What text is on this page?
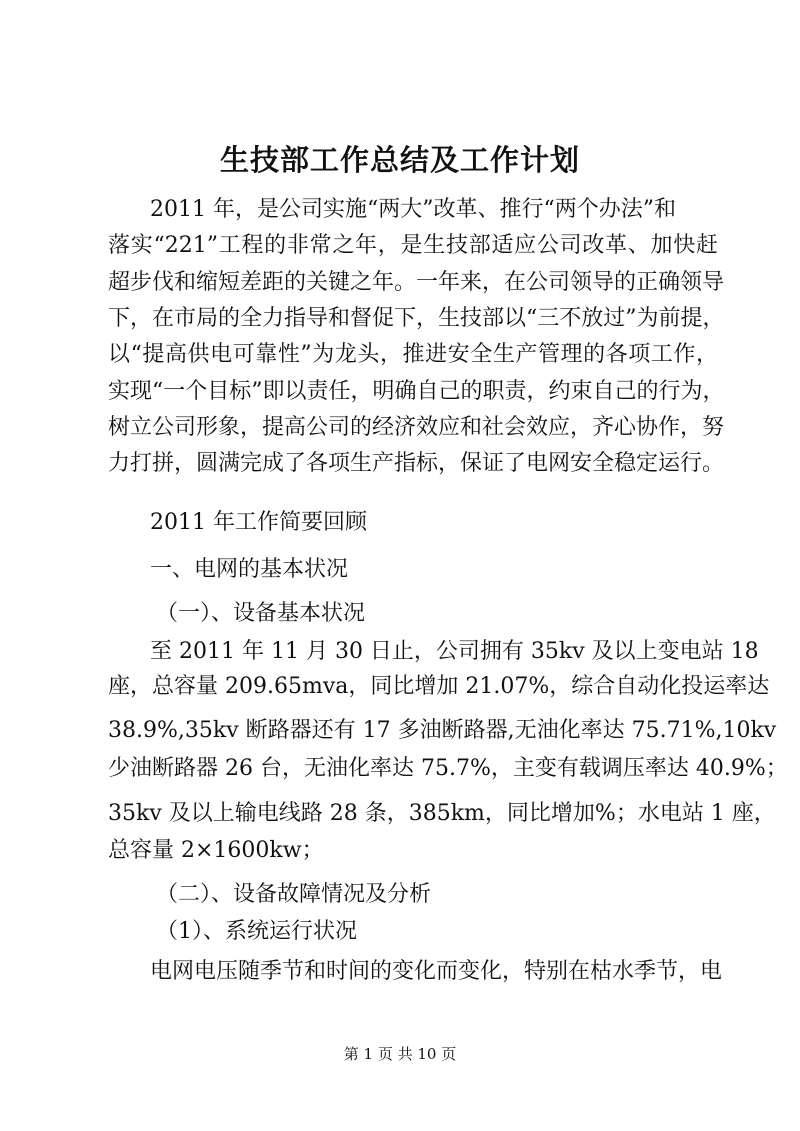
生技部工作总结及工作计划
2011 年，是公司实施“两大”改革、推行“两个办法”和
落实“221”工程的非常之年，是生技部适应公司改革、加快赶
超步伐和缩短差距的关键之年。一年来，在公司领导的正确领导
下，在市局的全力指导和督促下，生技部以“三不放过”为前提，
以“提高供电可靠性”为龙头，推进安全生产管理的各项工作，
实现“一个目标”即以责任，明确自己的职责，约束自己的行为，
树立公司形象，提高公司的经济效应和社会效应，齐心协作，努
力打拼，圆满完成了各项生产指标，保证了电网安全稳定运行。
2011 年工作简要回顾
一、电网的基本状况
（一）、设备基本状况
至 2011 年 11 月 30 日止，公司拥有 35kv 及以上变电站 18
座，总容量 209.65mva，同比增加 21.07%，综合自动化投运率达
38.9%,35kv 断路器还有 17 多油断路器,无油化率达 75.71%,10kv
少油断路器 26 台，无油化率达 75.7%，主变有载调压率达 40.9%；
35kv 及以上输电线路 28 条，385km，同比增加%；水电站 1 座，
总容量 2×1600kw；
（二）、设备故障情况及分析
（1）、系统运行状况
电网电压随季节和时间的变化而变化，特别在枯水季节，电
第 1 页 共 10 页
